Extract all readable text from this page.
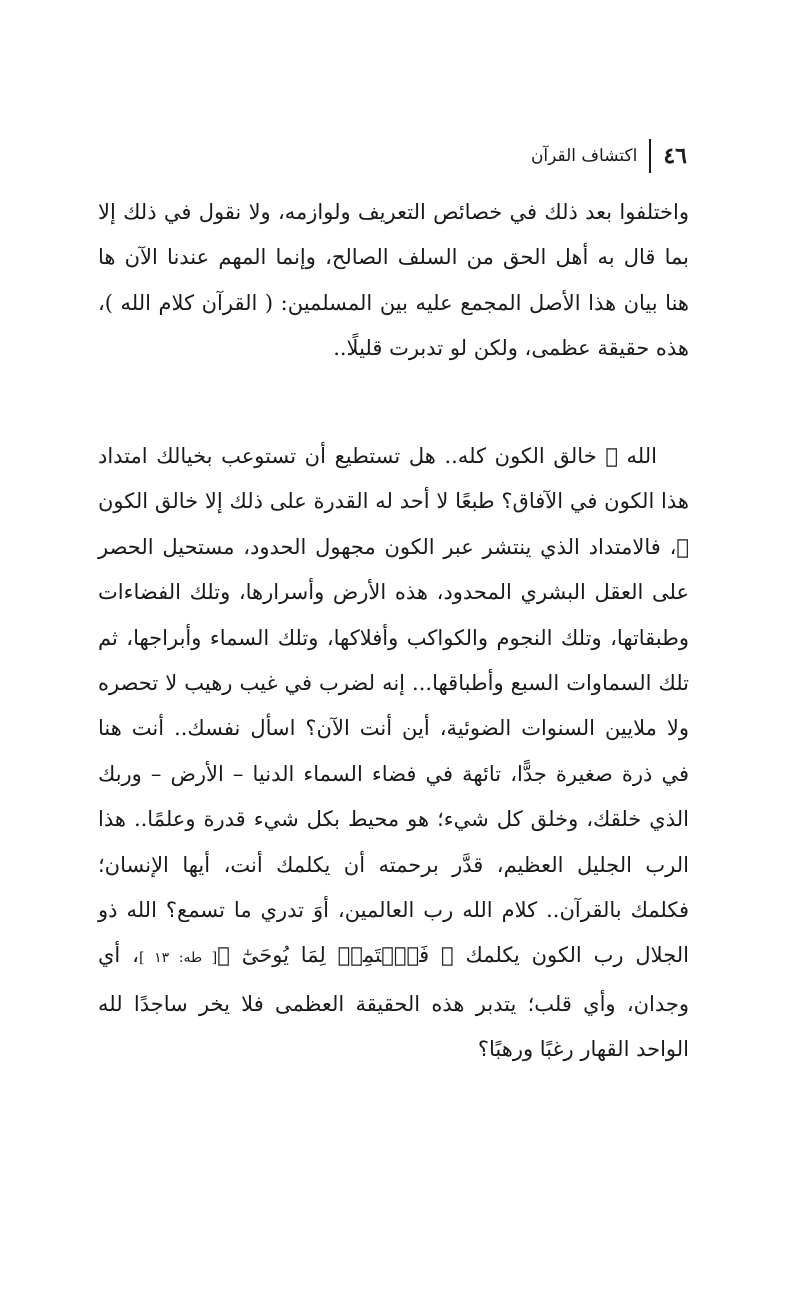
٤٦
اكتشاف القرآن

واختلفوا بعد ذلك في خصائص التعريف ولوازمه، ولا نقول في ذلك إلا بما قال به أهل الحق من السلف الصالح، وإنما المهم عندنا الآن ها هنا بيان هذا الأصل المجمع عليه بين المسلمين: ( القرآن كلام الله )، هذه حقيقة عظمى، ولكن لو تدبرت قليلًا..

الله ﷻ خالق الكون كله.. هل تستطيع أن تستوعب بخيالك امتداد هذا الكون في الآفاق؟ طبعًا لا أحد له القدرة على ذلك إلا خالق الكون ﷻ، فالامتداد الذي ينتشر عبر الكون مجهول الحدود، مستحيل الحصر على العقل البشري المحدود، هذه الأرض وأسرارها، وتلك الفضاءات وطبقاتها، وتلك النجوم والكواكب وأفلاكها، وتلك السماء وأبراجها، ثم تلك السماوات السبع وأطباقها... إنه لضرب في غيب رهيب لا تحصره ولا ملايين السنوات الضوئية، أين أنت الآن؟ اسأل نفسك.. أنت هنا في ذرة صغيرة جدًّا، تائهة في فضاء السماء الدنيا – الأرض – وربك الذي خلقك، وخلق كل شيء؛ هو محيط بكل شيء قدرة وعلمًا.. هذا الرب الجليل العظيم، قدَّر برحمته أن يكلمك أنت، أيها الإنسان؛ فكلمك بالقرآن.. كلام الله رب العالمين، أوَ تدري ما تسمع؟ الله ذو الجلال رب الكون يكلمك ﴿ فَٱسۡتَمِعۡ لِمَا يُوحَىٰٓ ﴾[ طه: ١٣ ]، أي وجدان، وأي قلب؛ يتدبر هذه الحقيقة العظمى فلا يخر ساجدًا لله الواحد القهار رغبًا ورهبًا؟
